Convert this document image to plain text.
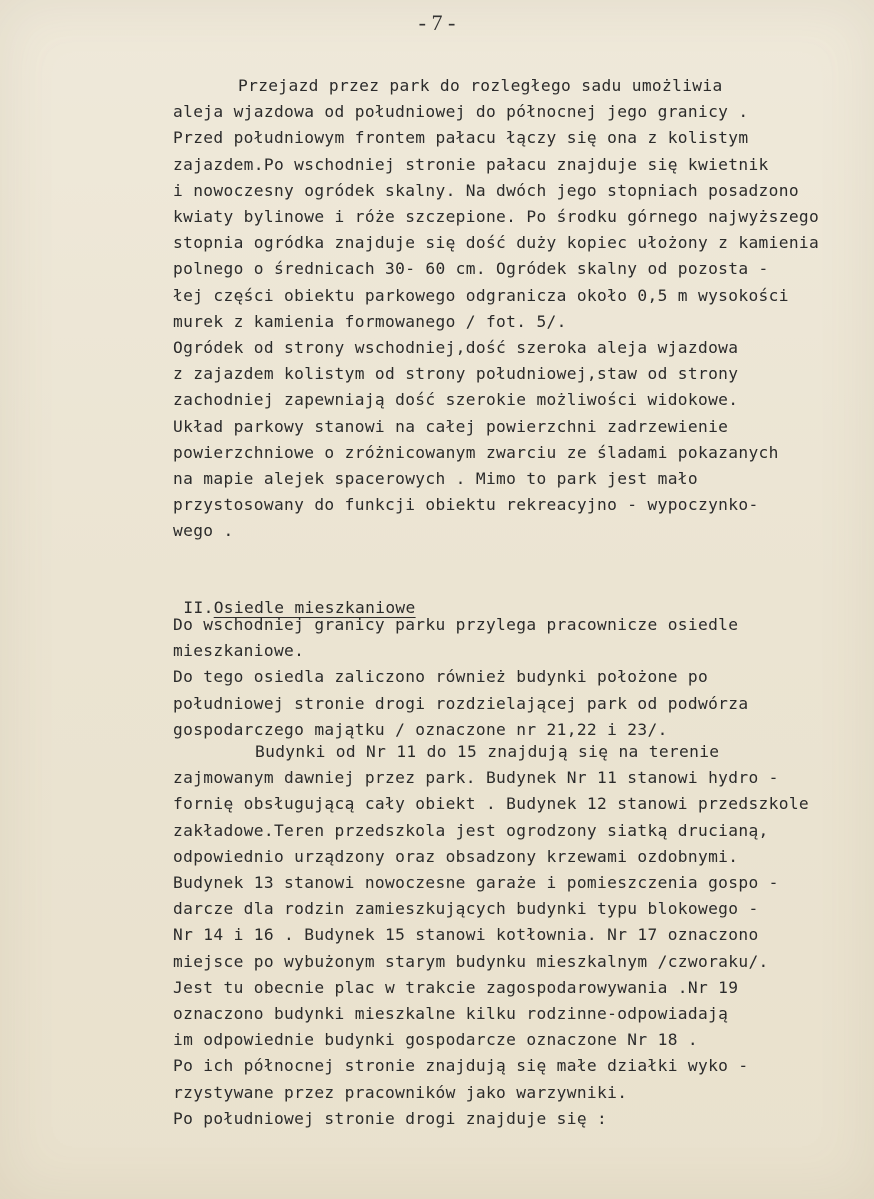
- 7 -
Przejazd przez park do rozległego sadu umożliwia
aleja wjazdowa od południowej do północnej jego granicy .
Przed południowym frontem pałacu łączy się ona z kolistym
zajazdem.Po wschodniej stronie pałacu znajduje się kwietnik
i nowoczesny ogródek skalny. Na dwóch jego stopniach posadzono
kwiaty bylinowe i róże szczepione. Po środku górnego najwyższego
stopnia ogródka znajduje się dość duży kopiec ułożony z kamienia
polnego o średnicach 30- 60 cm. Ogródek skalny od pozosta -
łej części obiektu parkowego odgranicza około 0,5 m wysokości
murek z kamienia formowanego / fot. 5/.
Ogródek od strony wschodniej,dość szeroka aleja wjazdowa
z zajazdem kolistym od strony południowej,staw od strony
zachodniej zapewniają dość szerokie możliwości widokowe.
Układ parkowy stanowi na całej powierzchni zadrzewienie
powierzchniowe o zróżnicowanym zwarciu ze śladami pokazanych
na mapie alejek spacerowych . Mimo to park jest mało
przystosowany do funkcji obiektu rekreacyjno - wypoczynko-
wego .

II.Osiedle mieszkaniowe

Do wschodniej granicy parku przylega pracownicze osiedle
mieszkaniowe.
Do tego osiedla zaliczono również budynki położone po
południowej stronie drogi rozdzielającej park od podwórza
gospodarczego majątku / oznaczone nr 21,22 i 23/.
Budynki od Nr 11 do 15 znajdują się na terenie
zajmowanym dawniej przez park. Budynek Nr 11 stanowi hydro -
fornię obsługującą cały obiekt . Budynek 12 stanowi przedszkole
zakładowe.Teren przedszkola jest ogrodzony siatką drucianą,
odpowiednio urządzony oraz obsadzony krzewami ozdobnymi.
Budynek 13 stanowi nowoczesne garaże i pomieszczenia gospo -
darcze dla rodzin zamieszkujących budynki typu blokowego -
Nr 14 i 16 . Budynek 15 stanowi kotłownia. Nr 17 oznaczono
miejsce po wybużonym starym budynku mieszkalnym /czworaku/.
Jest tu obecnie plac w trakcie zagospodarowywania .Nr 19
oznaczono budynki mieszkalne kilku rodzinne-odpowiadają
im odpowiednie budynki gospodarcze oznaczone Nr 18 .
Po ich północnej stronie znajdują się małe działki wyko -
rzystywane przez pracowników jako warzywniki.
Po południowej stronie drogi znajduje się :
